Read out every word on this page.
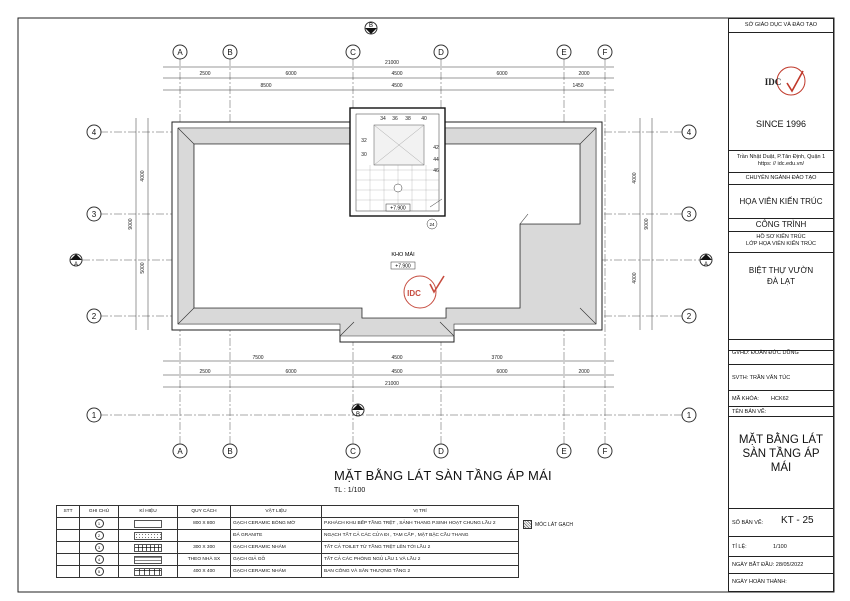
A	B	C	D	E	F
A	B	C	D	E	F
4
3
2
1
4
3
2
1
A	A
B
B
21000
2500	6000	4500	6000	2000
8500	4500	1450
7500	4500	3700
2500	6000	4500	6000	2000
21000
4000
9000
5000
4000
9000
4000
34 36 38 40
32
30
42
44
46
+7.900
24
KHO MÁI
+7.900
IDC
MẶT BẰNG LÁT SÀN TẦNG ÁP MÁI
TL : 1/100
STT	GHI CHÚ	KÍ HIỆU	QUY CÁCH	VẬT LIỆU	VỊ TRÍ
	1		800 X 800	GẠCH CERAMIC BÓNG MỜ	P.KHÁCH KHU BẾP TẦNG TRỆT , SẢNH THANG P.SINH HOẠT CHUNG LẦU 2
	2			ĐÁ GRANITE	NGẠCH TẤT CẢ CÁC CỬA ĐI , TAM CẤP , MẶT BẬC CẦU THANG
	3		300 X 300	GẠCH CERAMIC NHÁM	TẤT CẢ TOILET TỪ TẦNG TRỆT LÊN TỚI LẦU 2
	4		THEO NHÀ SX	GẠCH GIẢ GỖ	TẤT CẢ CÁC PHÒNG NGỦ LẦU 1 VÀ LẦU 2
	5		400 X 400	GẠCH CERAMIC NHÁM	BAN CÔNG VÀ SÂN THƯỢNG TẦNG 2
MÓC LÁT GẠCH
SỞ GIÁO DỤC VÀ ĐÀO TẠO
IDC
SINCE 1996
Trần Nhật Duật, P.Tân Định, Quận 1
https: // idc.edu.vn/
CHUYÊN NGÀNH ĐÀO TẠO
HỌA VIÊN KIẾN TRÚC
CÔNG TRÌNH
HỒ SƠ KIẾN TRÚC
LỚP HỌA VIÊN KIẾN TRÚC
BIỆT THỰ VƯỜN
ĐÀ LẠT
GVHD: ĐOÀN ĐỨC DŨNG
SVTH: TRẦN VĂN TÚC
MÃ KHÓA: HCK62
TÊN BẢN VẼ:
MẶT BẰNG LÁT
SÀN TẦNG ÁP
MÁI
SỐ BẢN VẼ: KT - 25
TỈ LỆ:	1/100
NGÀY BẮT ĐẦU: 28/05/2022
NGÀY HOÀN THÀNH:
